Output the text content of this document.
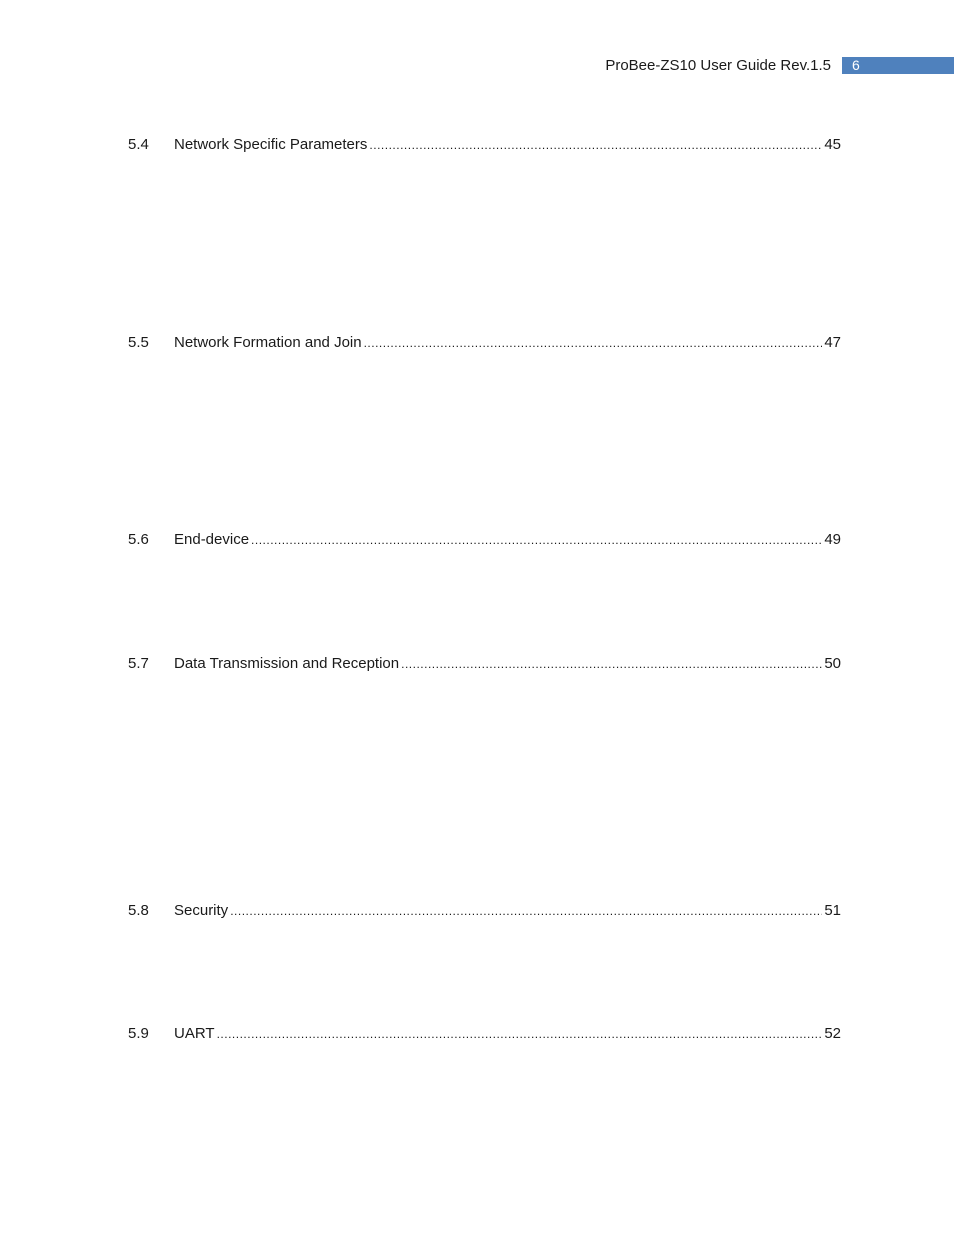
ProBee-ZS10 User Guide Rev.1.5 6
5.4	Network Specific Parameters .....	45
5.5	Network Formation and Join .....	47
5.6	End-device .....	49
5.7	Data Transmission and Reception .....	50
5.8	Security .....	51
5.9	UART .....	52
